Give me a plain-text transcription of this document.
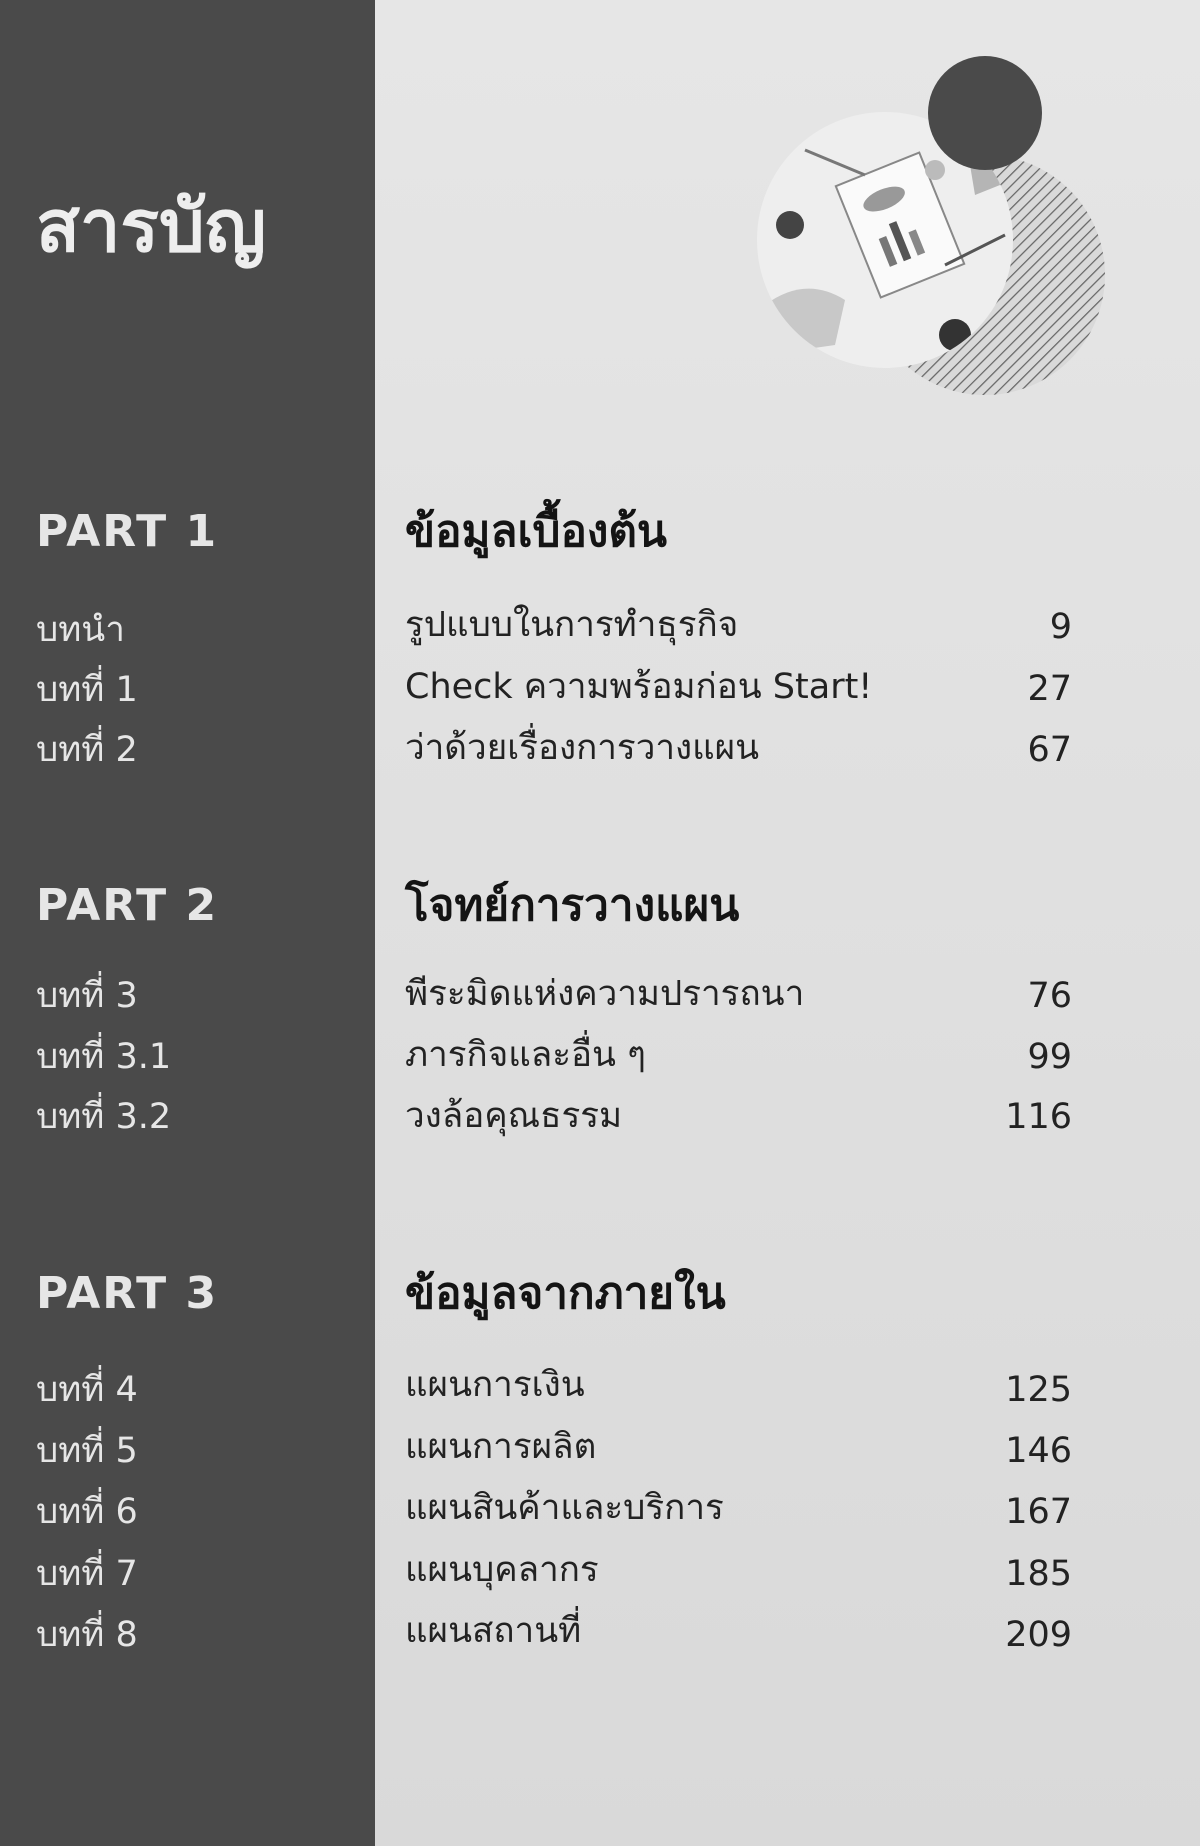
สารบัญ
PART 1	ข้อมูลเบื้องต้น
บทนำ	รูปแบบในการทำธุรกิจ	9
บทที่ 1	Check ความพร้อมก่อน Start!	27
บทที่ 2	ว่าด้วยเรื่องการวางแผน	67
PART 2	โจทย์การวางแผน
บทที่ 3	พีระมิดแห่งความปรารถนา	76
บทที่ 3.1	ภารกิจและอื่น ๆ	99
บทที่ 3.2	วงล้อคุณธรรม	116
PART 3	ข้อมูลจากภายใน
บทที่ 4	แผนการเงิน	125
บทที่ 5	แผนการผลิต	146
บทที่ 6	แผนสินค้าและบริการ	167
บทที่ 7	แผนบุคลากร	185
บทที่ 8	แผนสถานที่	209
